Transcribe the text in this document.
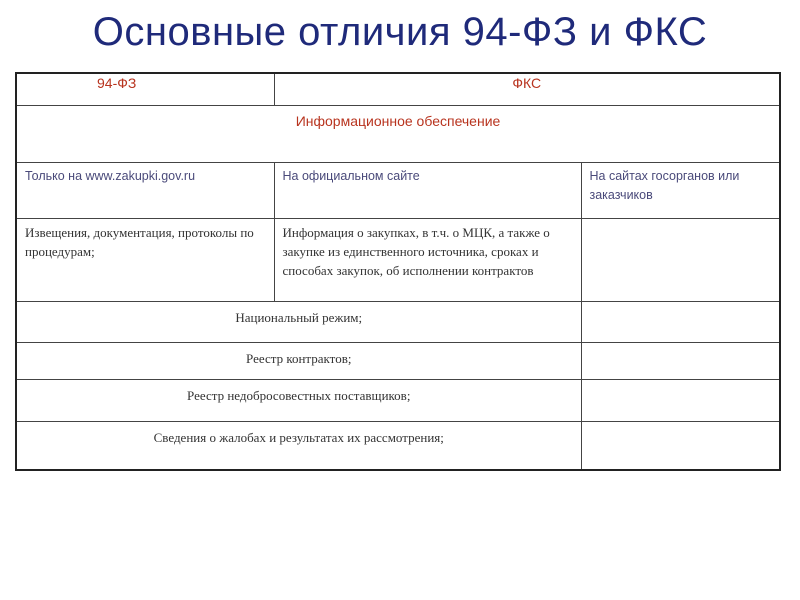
Основные отличия 94-ФЗ и ФКС
94-ФЗ	ФКС	
Информационное обеспечение		
Только на www.zakupki.gov.ru	На официальном сайте	На сайтах госорганов или заказчиков
Извещения, документация, протоколы по процедурам;	Информация о закупках, в т.ч. о МЦК, а также о закупке из единственного источника, сроках и способах закупок, об исполнении контрактов	
Национальный режим;		
Реестр контрактов;		
Реестр недобросовестных поставщиков;		
Сведения о жалобах и результатах их рассмотрения;		
